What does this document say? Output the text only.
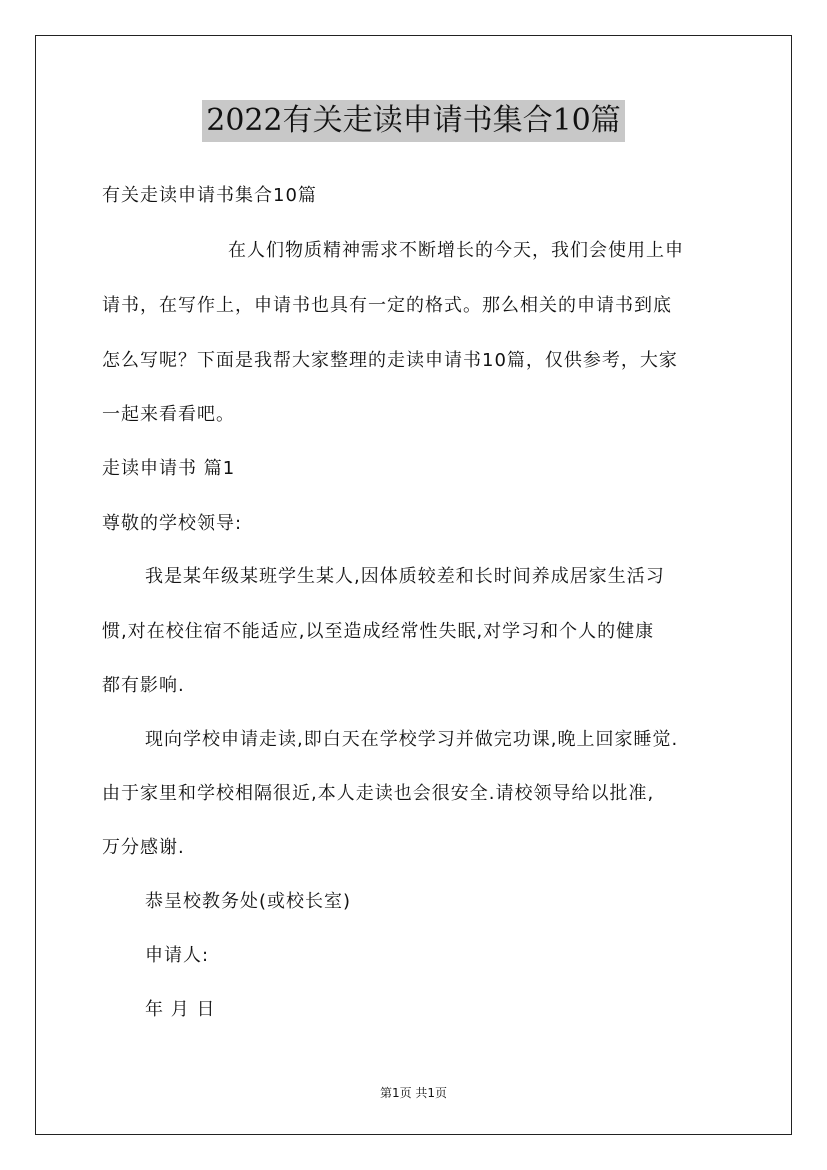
2022有关走读申请书集合10篇
有关走读申请书集合10篇
在人们物质精神需求不断增长的今天，我们会使用上申
请书，在写作上，申请书也具有一定的格式。那么相关的申请书到底
怎么写呢？下面是我帮大家整理的走读申请书10篇，仅供参考，大家
一起来看看吧。
走读申请书 篇1
尊敬的学校领导:
我是某年级某班学生某人,因体质较差和长时间养成居家生活习
惯,对在校住宿不能适应,以至造成经常性失眠,对学习和个人的健康
都有影响.
现向学校申请走读,即白天在学校学习并做完功课,晚上回家睡觉.
由于家里和学校相隔很近,本人走读也会很安全.请校领导给以批准,
万分感谢.
恭呈校教务处(或校长室)
申请人:
年 月 日
第1页 共1页
